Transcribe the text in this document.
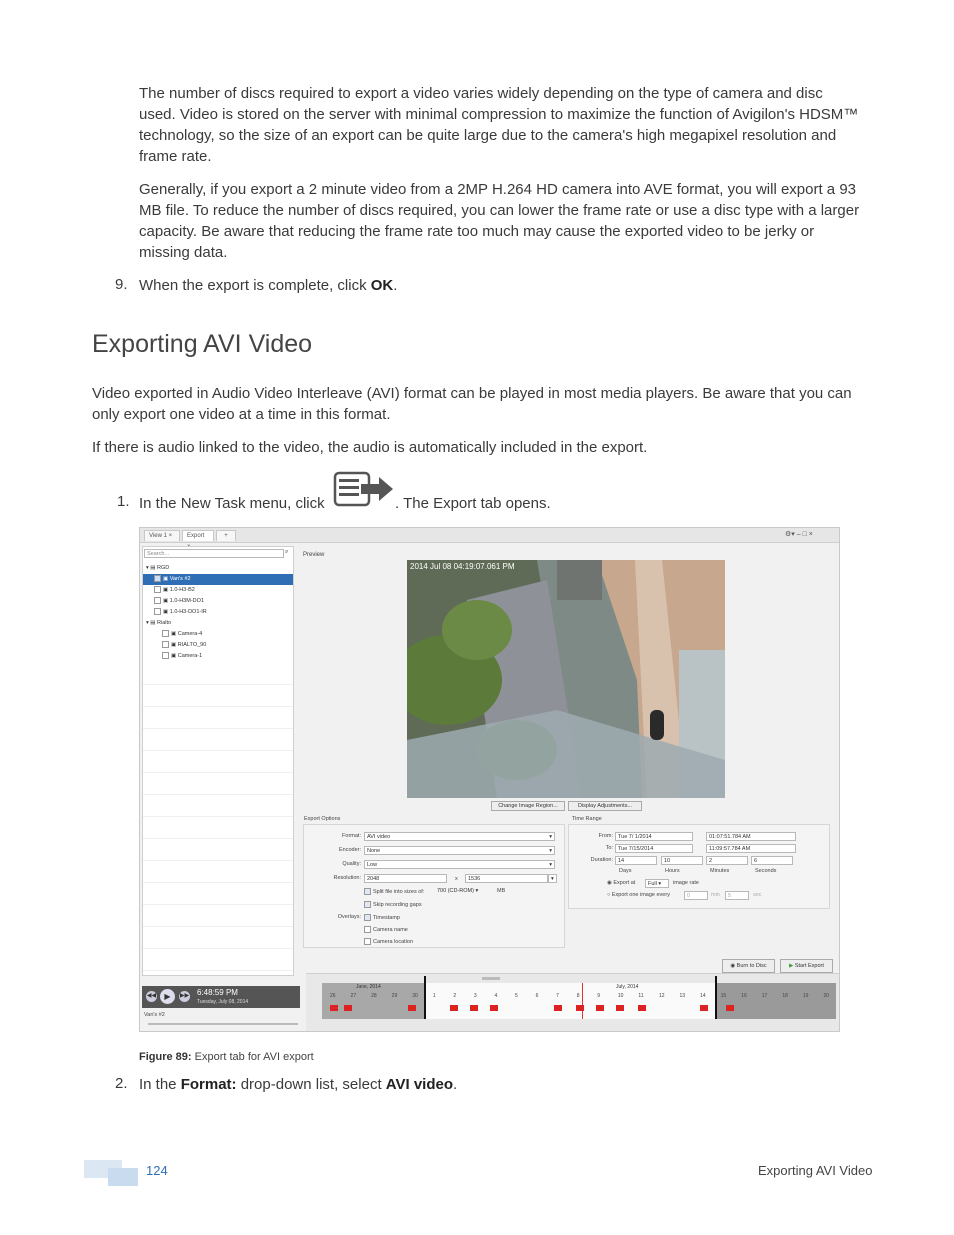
The number of discs required to export a video varies widely depending on the type of camera and disc used. Video is stored on the server with minimal compression to maximize the function of Avigilon's HDSM™ technology, so the size of an export can be quite large due to the camera's high megapixel resolution and frame rate.
Generally, if you export a 2 minute video from a 2MP H.264 HD camera into AVE format, you will export a 93 MB file. To reduce the number of discs required, you can lower the frame rate or use a disc type with a larger capacity. Be aware that reducing the frame rate too much may cause the exported video to be jerky or missing data.
9. When the export is complete, click OK.
Exporting AVI Video
Video exported in Audio Video Interleave (AVI) format can be played in most media players. Be aware that you can only export one video at a time in this format.
If there is audio linked to the video, the audio is automatically included in the export.
1. In the New Task menu, click	. The Export tab opens.
View 1 ×	Export	+	⚙▾ – □ ×
Search...	⌕
▾ ▤ RGD
▣ Van's #2
▣ 1.0-H3-B2
▣ 1.0-H3M-DO1
▣ 1.0-H3-DO1-IR
▾ ▤ Rialto
▣ Camera-4
▣ RIALTO_90
▣ Camera-1
Preview
2014 Jul 08 04:19:07.061 PM
Change Image Region...	Display Adjustments...
Export Options
Format:	AVI video	▾
Encoder:	None	▾
Quality:	Low	▾
Resolution:	2048	x	1536	▾
Split file into sizes of:	700 (CD-ROM) ▾	MB
Skip recording gaps
Overlays:	Timestamp
Camera name
Camera location
Time Range
From: Tue 7/ 1/2014	01:07:51.784 AM
To: Tue 7/15/2014	11:09:57.784 AM
Duration: 14	10	2	6
Days	Hours	Minutes	Seconds
◉ Export at	Full ▾	image rate
○ Export one image every	0	min	5	sec
◉ Burn to Disc	▶ Start Export
◀◀	▶	▶▶ 6:48:59 PM
Tuesday, July 08, 2014
Van's #2
June, 2014	July, 2014
26	27	28	29	30	1	2	3	4	5	6	7	8	9	10	11	12	13	14	15	16	17	18	19	20
Figure 89: Export tab for AVI export
2. In the Format: drop-down list, select AVI video.
124	Exporting AVI Video
